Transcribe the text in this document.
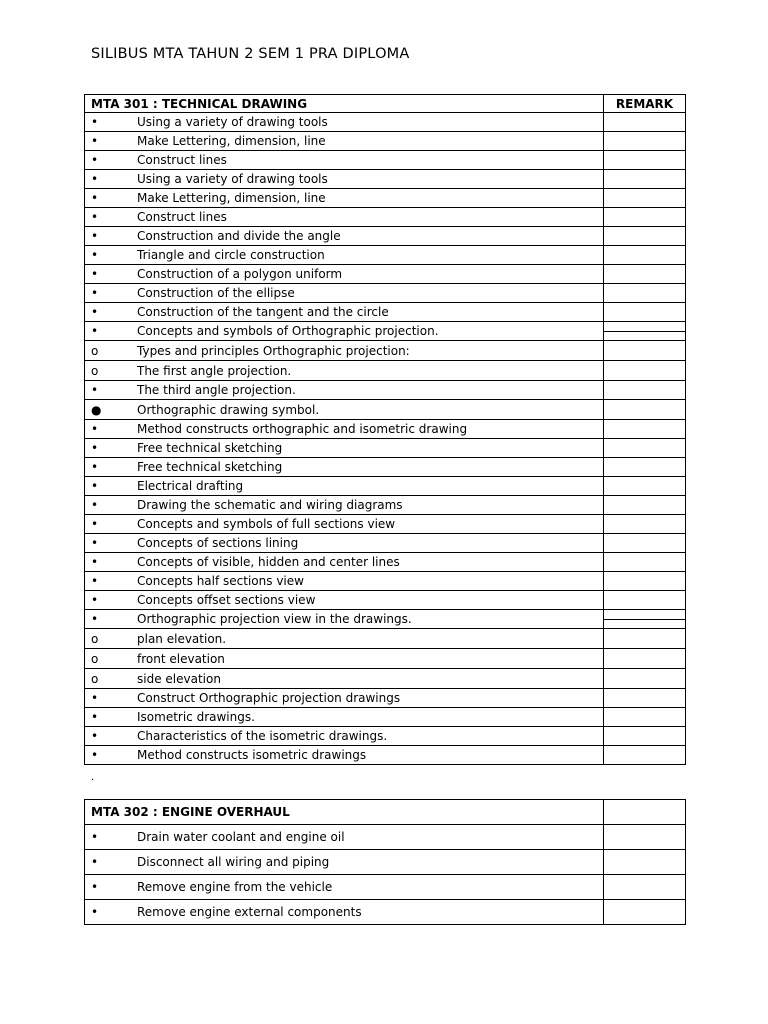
SILIBUS MTA TAHUN 2 SEM 1 PRA DIPLOMA
MTA 301 : TECHNICAL DRAWING	REMARK

• Using a variety of drawing tools	

• Make Lettering, dimension, line	

• Construct lines	

• Using a variety of drawing tools	

• Make Lettering, dimension, line	

• Construct lines	

• Construction and divide the angle	

• Triangle and circle construction	

• Construction of a polygon uniform	

• Construction of the ellipse	

• Construction of the tangent and the circle	

• Concepts and symbols of Orthographic projection.	

o Types and principles Orthographic projection:	

o The first angle projection.	

• The third angle projection.	

● Orthographic drawing symbol.	

• Method constructs orthographic and isometric drawing	

• Free technical sketching	

• Free technical sketching	

• Electrical drafting	

• Drawing the schematic and wiring diagrams	

• Concepts and symbols of full sections view	

• Concepts of sections lining	

• Concepts of visible, hidden and center lines	

• Concepts half sections view	

• Concepts offset sections view	

• Orthographic projection view in the drawings.	

o plan elevation.	

o front elevation	

o side elevation	

• Construct Orthographic projection drawings	

• Isometric drawings.	

• Characteristics of the isometric drawings.	

• Method constructs isometric drawings	

.
MTA 302 : ENGINE OVERHAUL	

• Drain water coolant and engine oil	

• Disconnect all wiring and piping	

• Remove engine from the vehicle	

• Remove engine external components	
